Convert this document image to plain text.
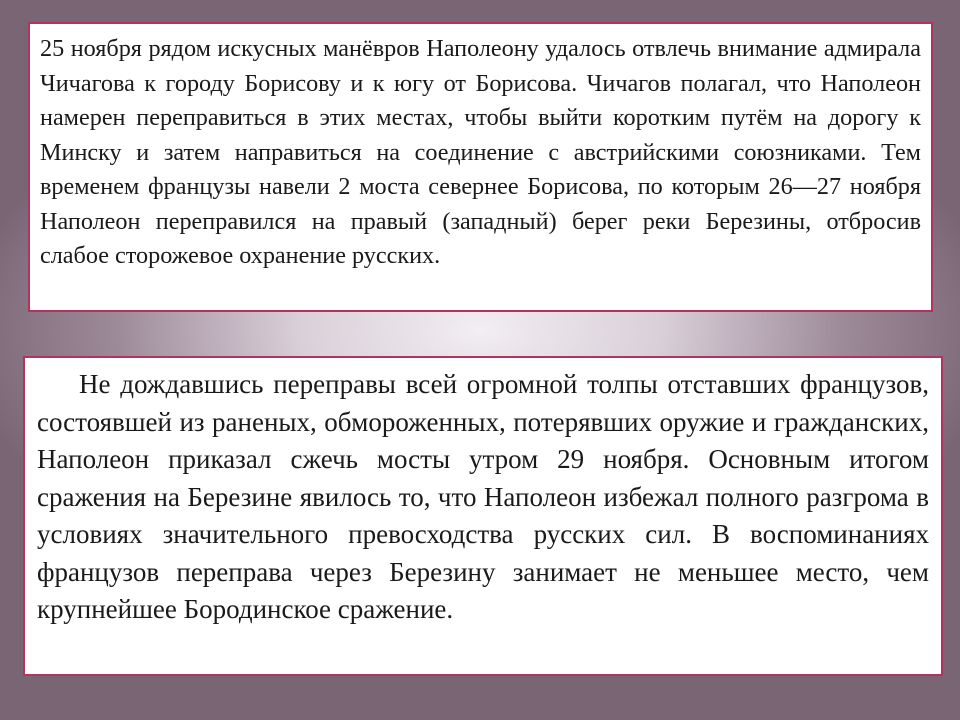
25 ноября рядом искусных манёвров Наполеону удалось отвлечь внимание адмирала Чичагова к городу Борисову и к югу от Борисова. Чичагов полагал, что Наполеон намерен переправиться в этих местах, чтобы выйти коротким путём на дорогу к Минску и затем направиться на соединение с австрийскими союзниками. Тем временем французы навели 2 моста севернее Борисова, по которым 26—27 ноября Наполеон переправился на правый (западный) берег реки Березины, отбросив слабое сторожевое охранение русских.

Не дождавшись переправы всей огромной толпы отставших французов, состоявшей из раненых, обмороженных, потерявших оружие и гражданских, Наполеон приказал сжечь мосты утром 29 ноября. Основным итогом сражения на Березине явилось то, что Наполеон избежал полного разгрома в условиях значительного превосходства русских сил. В воспоминаниях французов переправа через Березину занимает не меньшее место, чем крупнейшее Бородинское сражение.
